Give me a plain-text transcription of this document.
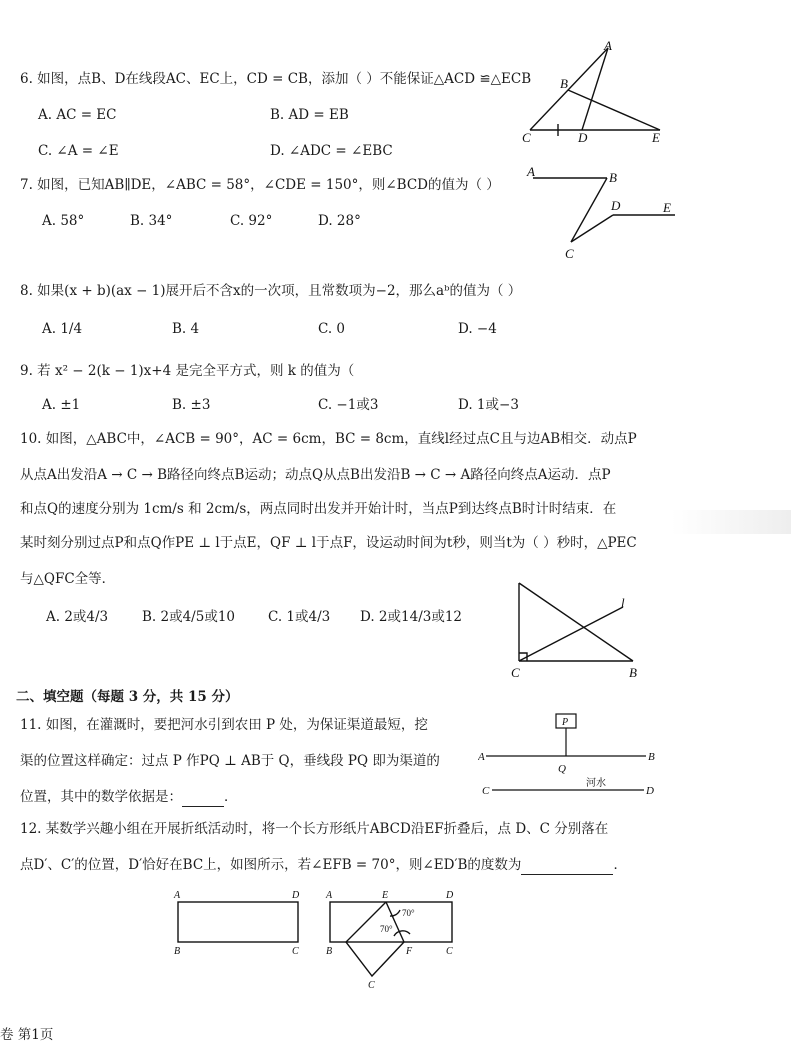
6. 如图，点B、D在线段AC、EC上，CD = CB，添加（ ）不能保证△ACD ≌△ECB
A. AC = EC	B. AD = EB
C. ∠A = ∠E	D. ∠ADC = ∠EBC
A
B
C	D	E
7. 如图，已知AB∥DE，∠ABC = 58°，∠CDE = 150°，则∠BCD的值为（ ）
A. 58°	B. 34°	C. 92°	D. 28°
A	B
C
D	E
8. 如果(x + b)(ax − 1)展开后不含x的一次项，且常数项为−2，那么aᵇ的值为（ ）
A. 1/4	B. 4	C. 0	D. −4
9. 若 x² − 2(k − 1)x+4 是完全平方式，则 k 的值为（
A. ±1	B. ±3	C. −1或3	D. 1或−3
10. 如图，△ABC中，∠ACB = 90°，AC = 6cm，BC = 8cm，直线l经过点C且与边AB相交．动点P
从点A出发沿A → C → B路径向终点B运动；动点Q从点B出发沿B → C → A路径向终点A运动．点P
和点Q的速度分别为 1cm/s 和 2cm/s，两点同时出发并开始计时，当点P到达终点B时计时结束．在
某时刻分别过点P和点Q作PE ⊥ l于点E，QF ⊥ l于点F，设运动时间为t秒，则当t为（ ）秒时，△PEC
与△QFC全等．
A. 2或4/3	B. 2或4/5或10 C. 1或4/3 D. 2或14/3或12
l
C	B
二、填空题（每题 3 分，共 15 分）
11. 如图，在灌溉时，要把河水引到农田 P 处，为保证渠道最短，挖
渠的位置这样确定：过点 P 作PQ ⊥ AB于 Q，垂线段 PQ 即为渠道的
位置，其中的数学依据是：	．
P
A	B
Q
河水
C	D
12. 某数学兴趣小组在开展折纸活动时，将一个长方形纸片ABCD沿EF折叠后，点 D、C 分别落在
点D′、C′的位置，D′恰好在BC上，如图所示，若∠EFB = 70°，则∠ED′B的度数为	．
A	D
B	C
A	E	D
B	F	C
C
70°
70°
卷 第1页
